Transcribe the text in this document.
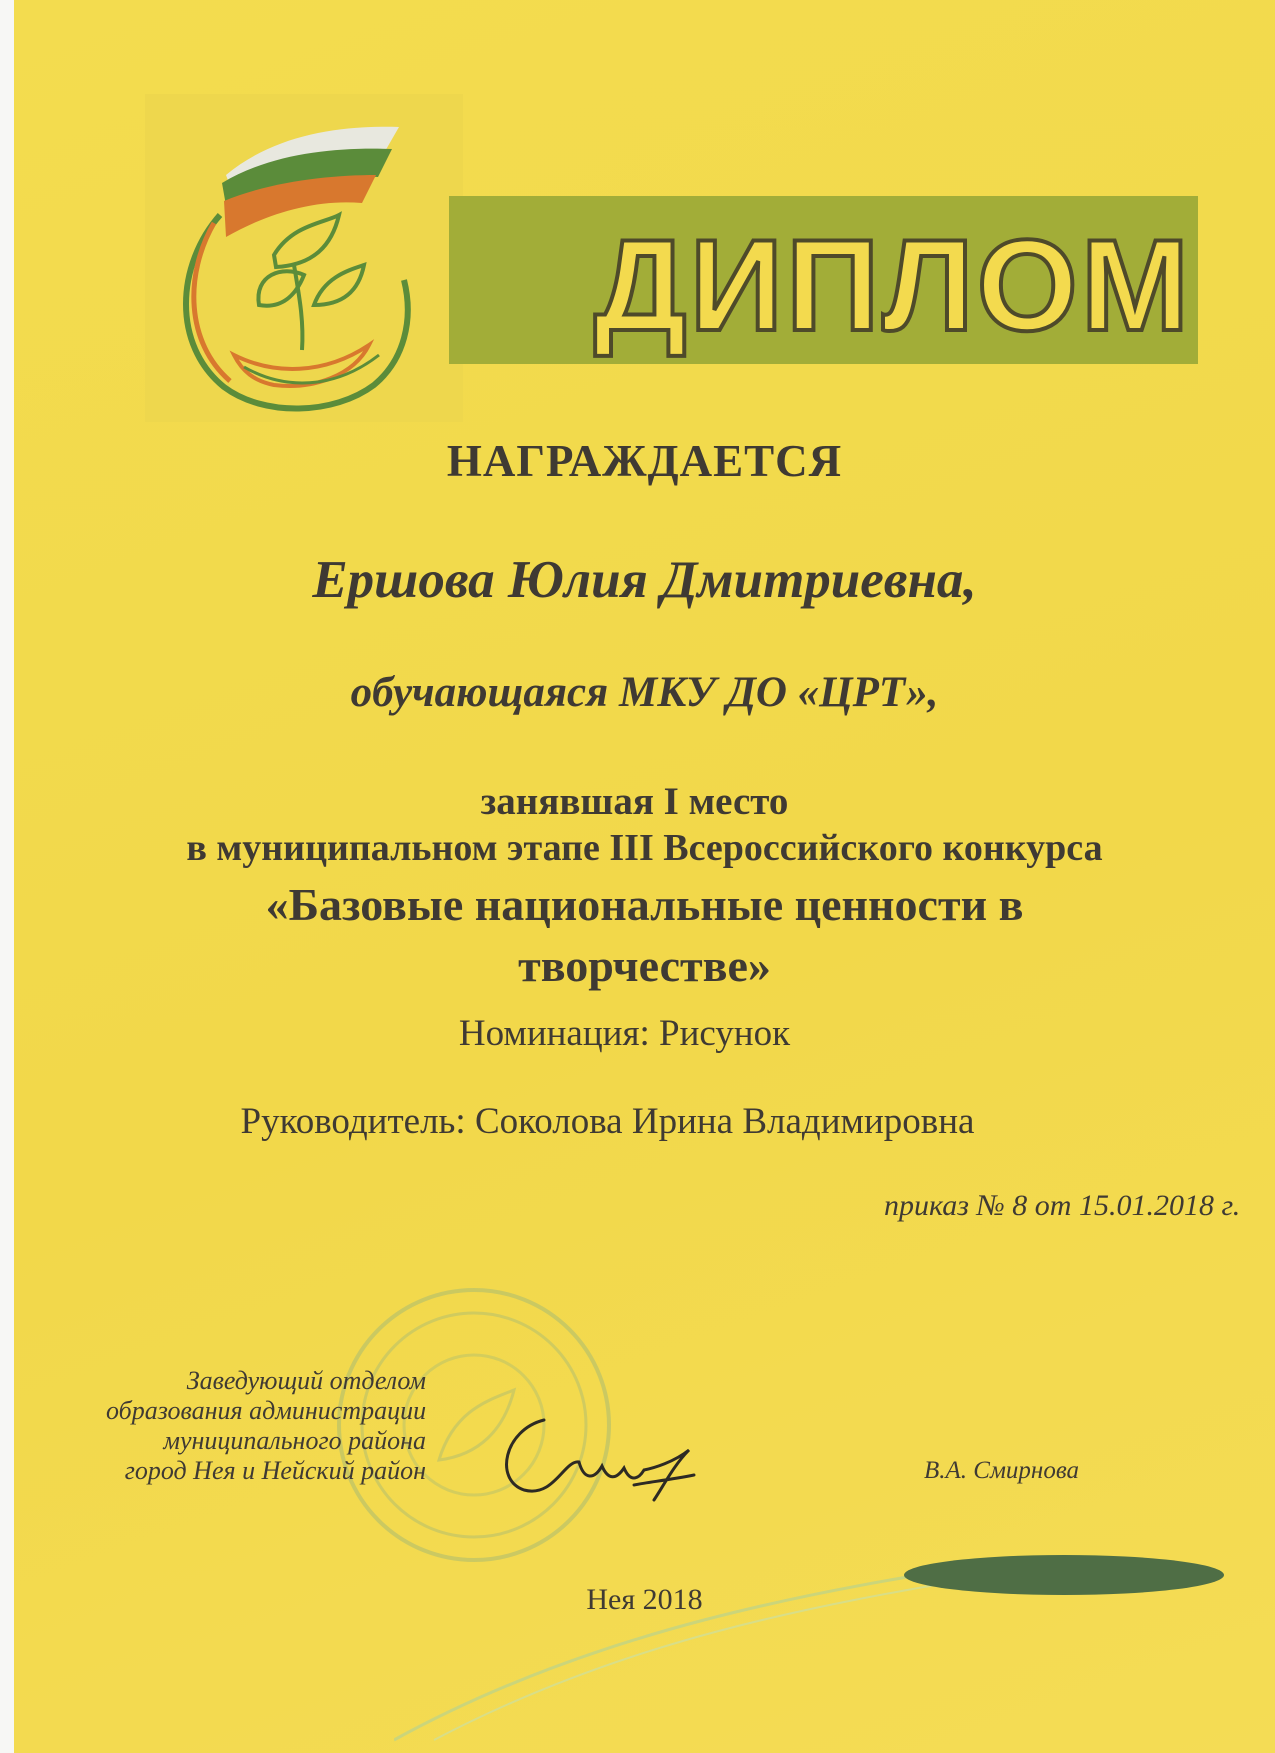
ДИПЛОМ
НАГРАЖДАЕТСЯ
Ершова Юлия Дмитриевна,
обучающаяся МКУ ДО «ЦРТ»,
занявшая I место
в муниципальном этапе III Всероссийского конкурса
«Базовые национальные ценности в
творчестве»
Номинация: Рисунок
Руководитель: Соколова Ирина Владимировна
приказ № 8 от 15.01.2018 г.
Заведующий отделом
образования администрации
муниципального района
город Нея и Нейский район	В.А. Смирнова
Нея 2018
